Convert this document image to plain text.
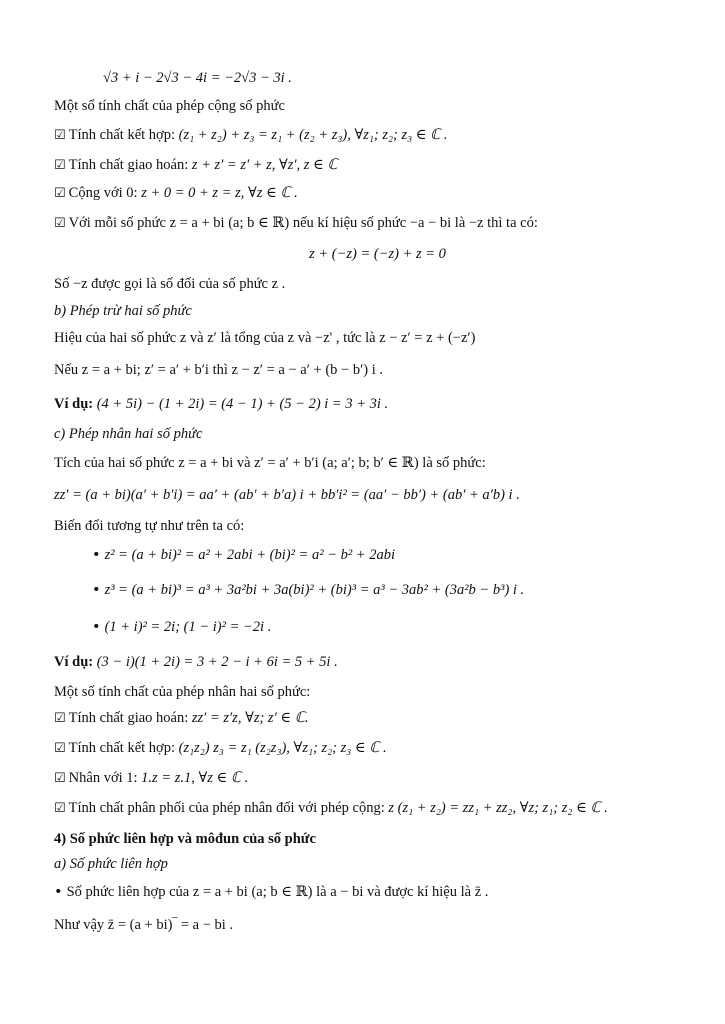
√3 + i − 2√3 − 4i = −2√3 − 3i .
Một số tính chất của phép cộng số phức
☑ Tính chất kết hợp: (z₁ + z₂) + z₃ = z₁ + (z₂ + z₃), ∀z₁; z₂; z₃ ∈ ℂ .
☑ Tính chất giao hoán: z + z' = z' + z, ∀z', z ∈ ℂ
☑ Cộng với 0: z + 0 = 0 + z = z, ∀z ∈ ℂ .
☑ Với mỗi số phức z = a + bi (a; b ∈ ℝ) nếu kí hiệu số phức −a − bi là −z thì ta có:
z + (−z) = (−z) + z = 0
Số −z được gọi là số đối của số phức z .
b) Phép trừ hai số phức
Hiệu của hai số phức z và z′ là tổng của z và −z' , tức là z − z′ = z + (−z′)
Nếu z = a + bi; z′ = a′ + b′i thì z − z′ = a − a′ + (b − b′) i .
Ví dụ: (4 + 5i) − (1 + 2i) = (4 − 1) + (5 − 2) i = 3 + 3i .
c) Phép nhân hai số phức
Tích của hai số phức z = a + bi và z′ = a′ + b′i (a; a′; b; b′ ∈ ℝ) là số phức:
zz′ = (a + bi)(a′ + b′i) = aa′ + (ab′ + b′a) i + bb′i² = (aa′ − bb′) + (ab′ + a′b) i .
Biến đổi tương tự như trên ta có:
• z² = (a + bi)² = a² + 2abi + (bi)² = a² − b² + 2abi
• z³ = (a + bi)³ = a³ + 3a²bi + 3a(bi)² + (bi)³ = a³ − 3ab² + (3a²b − b³) i .
• (1 + i)² = 2i; (1 − i)² = −2i .
Ví dụ: (3 − i)(1 + 2i) = 3 + 2 − i + 6i = 5 + 5i .
Một số tính chất của phép nhân hai số phức:
☑ Tính chất giao hoán: zz′ = z′z, ∀z; z′ ∈ ℂ.
☑ Tính chất kết hợp: (z₁z₂) z₃ = z₁ (z₂z₃), ∀z₁; z₂; z₃ ∈ ℂ .
☑ Nhân với 1: 1.z = z.1, ∀z ∈ ℂ .
☑ Tính chất phân phối của phép nhân đối với phép cộng: z (z₁ + z₂) = zz₁ + zz₂, ∀z; z₁; z₂ ∈ ℂ .
4) Số phức liên hợp và môđun của số phức
a) Số phức liên hợp
• Số phức liên hợp của z = a + bi (a; b ∈ ℝ) là a − bi và được kí hiệu là z̄ .
Như vậy z̄ = (a + bi)‾ = a − bi .
